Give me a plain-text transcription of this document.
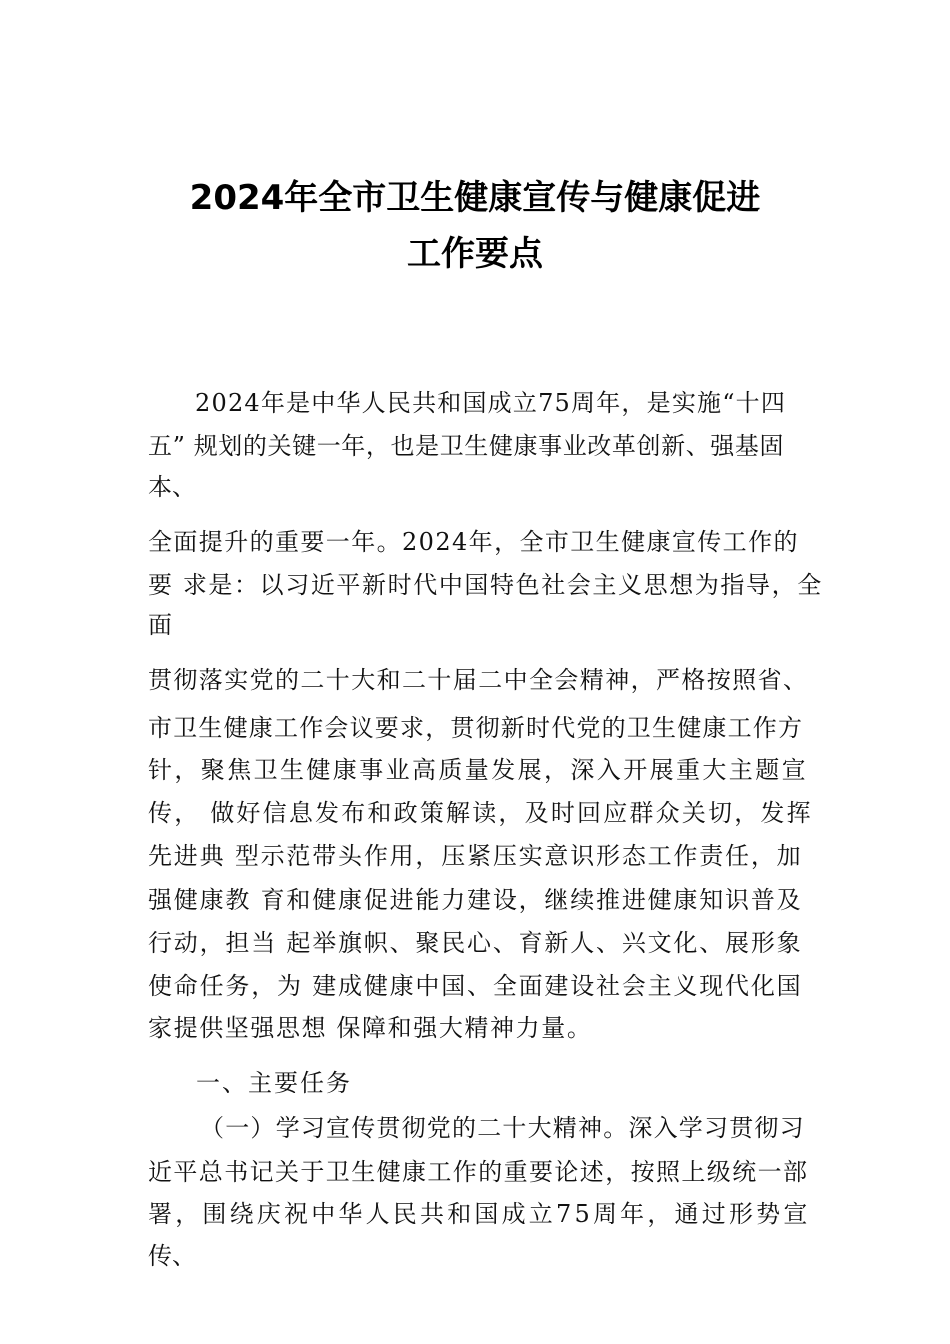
2024年全市卫生健康宣传与健康促进
工作要点
2024年是中华人民共和国成立75周年，是实施“十四
五” 规划的关键一年，也是卫生健康事业改革创新、强基固
本、
全面提升的重要一年。2024年，全市卫生健康宣传工作的
要 求是：以习近平新时代中国特色社会主义思想为指导，全
面
贯彻落实党的二十大和二十届二中全会精神，严格按照省、
市卫生健康工作会议要求，贯彻新时代党的卫生健康工作方
针，聚焦卫生健康事业高质量发展，深入开展重大主题宣
传， 做好信息发布和政策解读，及时回应群众关切，发挥
先进典 型示范带头作用，压紧压实意识形态工作责任，加
强健康教 育和健康促进能力建设，继续推进健康知识普及
行动，担当 起举旗帜、聚民心、育新人、兴文化、展形象
使命任务，为 建成健康中国、全面建设社会主义现代化国
家提供坚强思想 保障和强大精神力量。
一、主要任务
（一）学习宣传贯彻党的二十大精神。深入学习贯彻习
近平总书记关于卫生健康工作的重要论述，按照上级统一部
署，围绕庆祝中华人民共和国成立75周年，通过形势宣
传、
